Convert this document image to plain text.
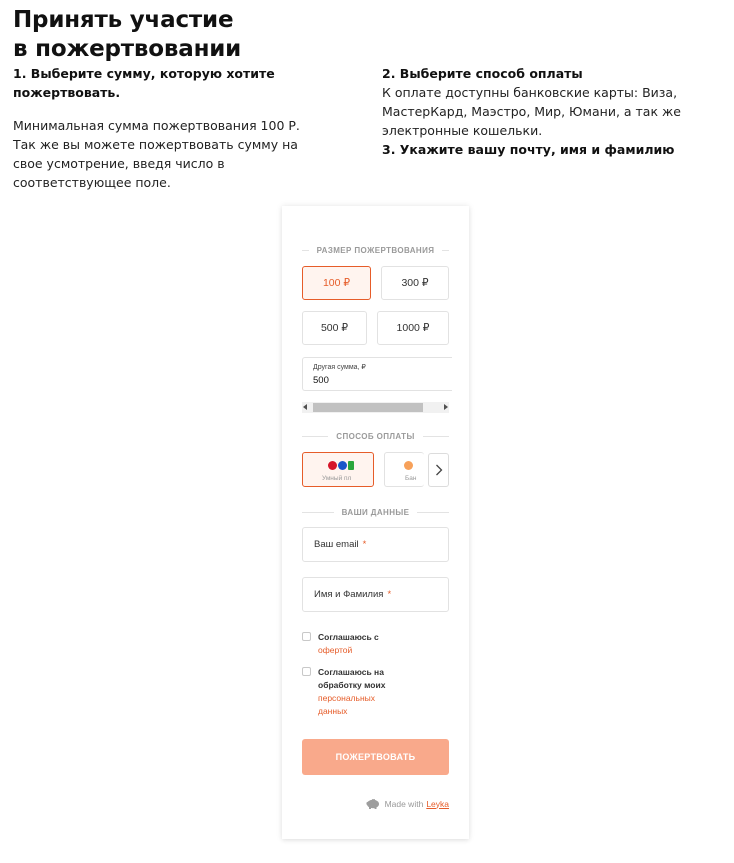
Принять участие
в пожертвовании
1. Выберите сумму, которую хотите пожертвовать.
Минимальная сумма пожертвования 100 Р. Так же вы можете пожертвовать сумму на свое усмотрение, введя число в соответствующее поле.
2. Выберите способ оплаты
К оплате доступны банковские карты: Виза, МастерКард, Маэстро, Мир, Юмани, а так же электронные кошельки.
3. Укажите вашу почту, имя и фамилию
РАЗМЕР ПОЖЕРТВОВАНИЯ
100 ₽	300 ₽
500 ₽	1000 ₽
Другая сумма, ₽
500
СПОСОБ ОПЛАТЫ
Умный пл	Бан
ВАШИ ДАННЫЕ
Ваш email *
Имя и Фамилия *
Соглашаюсь с
офертой
Соглашаюсь на обработку моих
персональных данных
ПОЖЕРТВОВАТЬ
Made with Leyka
